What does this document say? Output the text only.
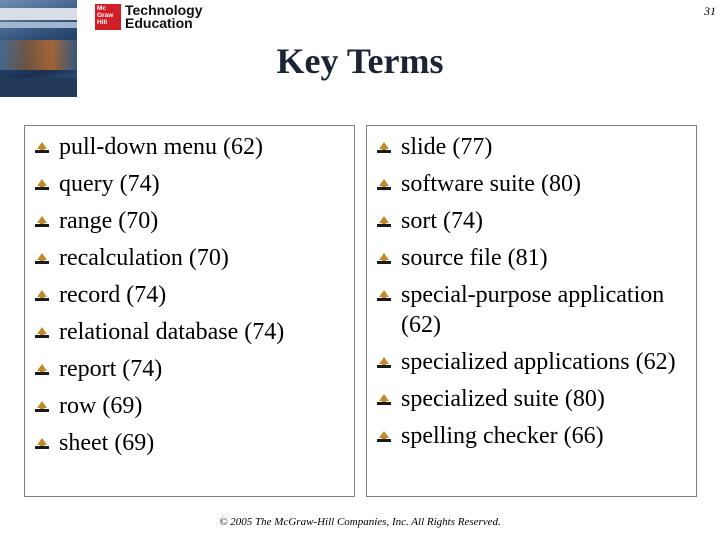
Mc Graw Hill
Technology
Education
31
Key Terms
pull-down menu (62)
query (74)
range (70)
recalculation (70)
record (74)
relational database (74)
report (74)
row (69)
sheet (69)
slide (77)
software suite (80)
sort (74)
source file (81)
special-purpose application (62)
specialized applications (62)
specialized suite (80)
spelling checker (66)
© 2005 The McGraw-Hill Companies, Inc. All Rights Reserved.
